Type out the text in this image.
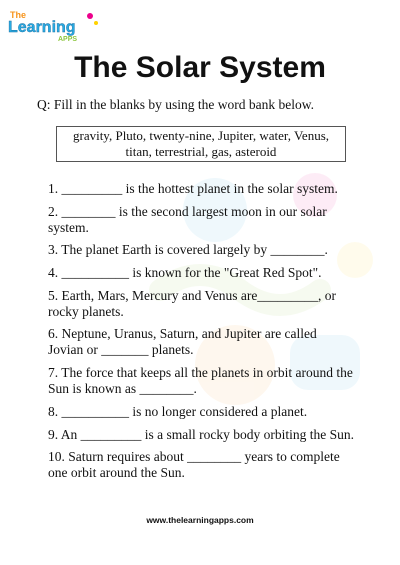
The
Learning
APPS
The Solar System
Q: Fill in the blanks by using the word bank below.
gravity, Pluto, twenty-nine, Jupiter, water, Venus,
titan, terrestrial, gas, asteroid
1. _________ is the hottest planet in the solar system.
2. ________ is the second largest moon in our solar system.
3. The planet Earth is covered largely by ________.
4. __________ is known for the "Great Red Spot".
5. Earth, Mars, Mercury and Venus are_________, or rocky planets.
6. Neptune, Uranus, Saturn, and Jupiter are called Jovian or _______ planets.
7. The force that keeps all the planets in orbit around the Sun is known as ________.
8. __________ is no longer considered a planet.
9. An _________ is a small rocky body orbiting the Sun.
10. Saturn requires about ________ years to complete one orbit around the Sun.
www.thelearningapps.com
